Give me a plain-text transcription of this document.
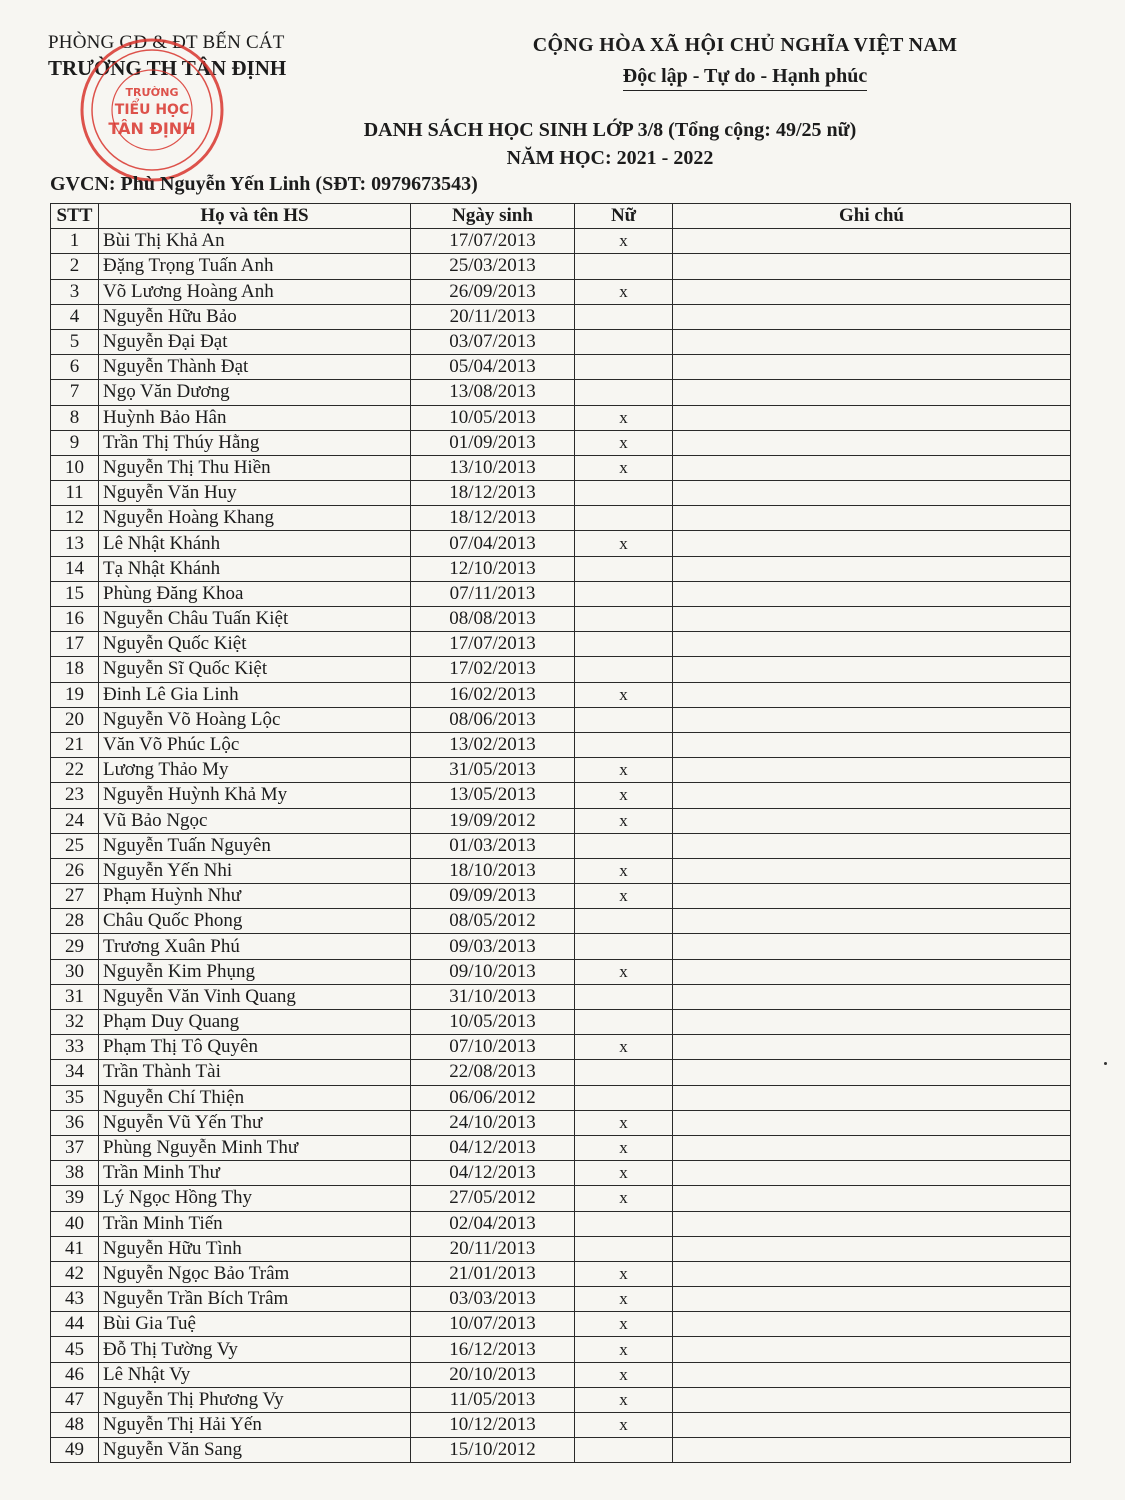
PHÒNG GD & ĐT BẾN CÁT
TRƯỜNG TH TÂN ĐỊNH
TRƯỜNG
TIỂU HỌC
TÂN ĐỊNH
CỘNG HÒA XÃ HỘI CHỦ NGHĨA VIỆT NAM
Độc lập - Tự do - Hạnh phúc
DANH SÁCH HỌC SINH LỚP 3/8 (Tổng cộng: 49/25 nữ)
NĂM HỌC: 2021 - 2022
GVCN: Phù Nguyễn Yến Linh (SĐT: 0979673543)
STT	Họ và tên HS	Ngày sinh	Nữ	Ghi chú
1	Bùi Thị Khả An	17/07/2013	x	
2	Đặng Trọng Tuấn Anh	25/03/2013		
3	Võ Lương Hoàng Anh	26/09/2013	x	
4	Nguyễn Hữu Bảo	20/11/2013		
5	Nguyễn Đại Đạt	03/07/2013		
6	Nguyễn Thành Đạt	05/04/2013		
7	Ngọ Văn Dương	13/08/2013		
8	Huỳnh Bảo Hân	10/05/2013	x	
9	Trần Thị Thúy Hằng	01/09/2013	x	
10	Nguyễn Thị Thu Hiền	13/10/2013	x	
11	Nguyễn Văn Huy	18/12/2013		
12	Nguyễn Hoàng Khang	18/12/2013		
13	Lê Nhật Khánh	07/04/2013	x	
14	Tạ Nhật Khánh	12/10/2013		
15	Phùng Đăng Khoa	07/11/2013		
16	Nguyễn Châu Tuấn Kiệt	08/08/2013		
17	Nguyễn Quốc Kiệt	17/07/2013		
18	Nguyễn Sĩ Quốc Kiệt	17/02/2013		
19	Đinh Lê Gia Linh	16/02/2013	x	
20	Nguyễn Võ Hoàng Lộc	08/06/2013		
21	Văn Võ Phúc Lộc	13/02/2013		
22	Lương Thảo My	31/05/2013	x	
23	Nguyễn Huỳnh Khả My	13/05/2013	x	
24	Vũ Bảo Ngọc	19/09/2012	x	
25	Nguyễn Tuấn Nguyên	01/03/2013		
26	Nguyễn Yến Nhi	18/10/2013	x	
27	Phạm Huỳnh Như	09/09/2013	x	
28	Châu Quốc Phong	08/05/2012		
29	Trương Xuân Phú	09/03/2013		
30	Nguyễn Kim Phụng	09/10/2013	x	
31	Nguyễn Văn Vinh Quang	31/10/2013		
32	Phạm Duy Quang	10/05/2013		
33	Phạm Thị Tô Quyên	07/10/2013	x	
34	Trần Thành Tài	22/08/2013		
35	Nguyễn Chí Thiện	06/06/2012		
36	Nguyễn Vũ Yến Thư	24/10/2013	x	
37	Phùng Nguyễn Minh Thư	04/12/2013	x	
38	Trần Minh Thư	04/12/2013	x	
39	Lý Ngọc Hồng Thy	27/05/2012	x	
40	Trần Minh Tiến	02/04/2013		
41	Nguyễn Hữu Tình	20/11/2013		
42	Nguyễn Ngọc Bảo Trâm	21/01/2013	x	
43	Nguyễn Trần Bích Trâm	03/03/2013	x	
44	Bùi Gia Tuệ	10/07/2013	x	
45	Đỗ Thị Tường Vy	16/12/2013	x	
46	Lê Nhật Vy	20/10/2013	x	
47	Nguyễn Thị Phương Vy	11/05/2013	x	
48	Nguyễn Thị Hải Yến	10/12/2013	x	
49	Nguyễn Văn Sang	15/10/2012		
